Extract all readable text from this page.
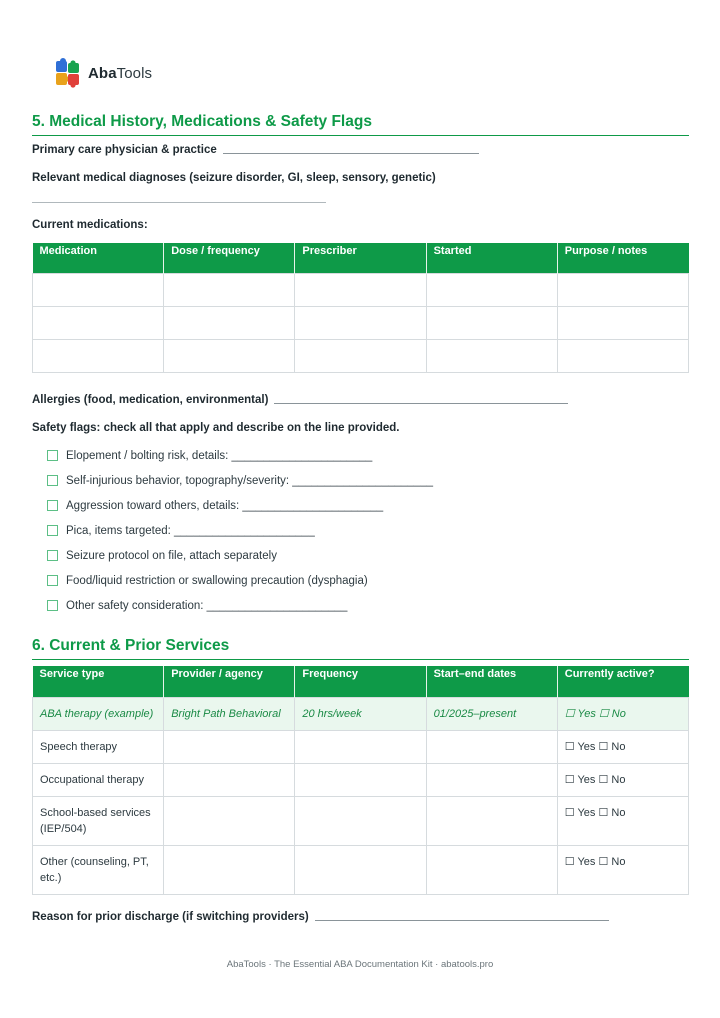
AbaTools
5. Medical History, Medications & Safety Flags
Primary care physician & practice
Relevant medical diagnoses (seizure disorder, GI, sleep, sensory, genetic)
Current medications:
Medication	Dose / frequency	Prescriber	Started	Purpose / notes

Allergies (food, medication, environmental)
Safety flags: check all that apply and describe on the line provided.
Elopement / bolting risk, details: ______________________
Self-injurious behavior, topography/severity: ______________________
Aggression toward others, details: ______________________
Pica, items targeted: ______________________
Seizure protocol on file, attach separately
Food/liquid restriction or swallowing precaution (dysphagia)
Other safety consideration: ______________________
6. Current & Prior Services
Service type	Provider / agency	Frequency	Start–end dates	Currently active?
ABA therapy (example)	Bright Path Behavioral	20 hrs/week	01/2025–present	☐ Yes ☐ No
Speech therapy				☐ Yes ☐ No
Occupational therapy				☐ Yes ☐ No
School-based services (IEP/504)				☐ Yes ☐ No
Other (counseling, PT, etc.)				☐ Yes ☐ No
Reason for prior discharge (if switching providers)
AbaTools · The Essential ABA Documentation Kit · abatools.pro
